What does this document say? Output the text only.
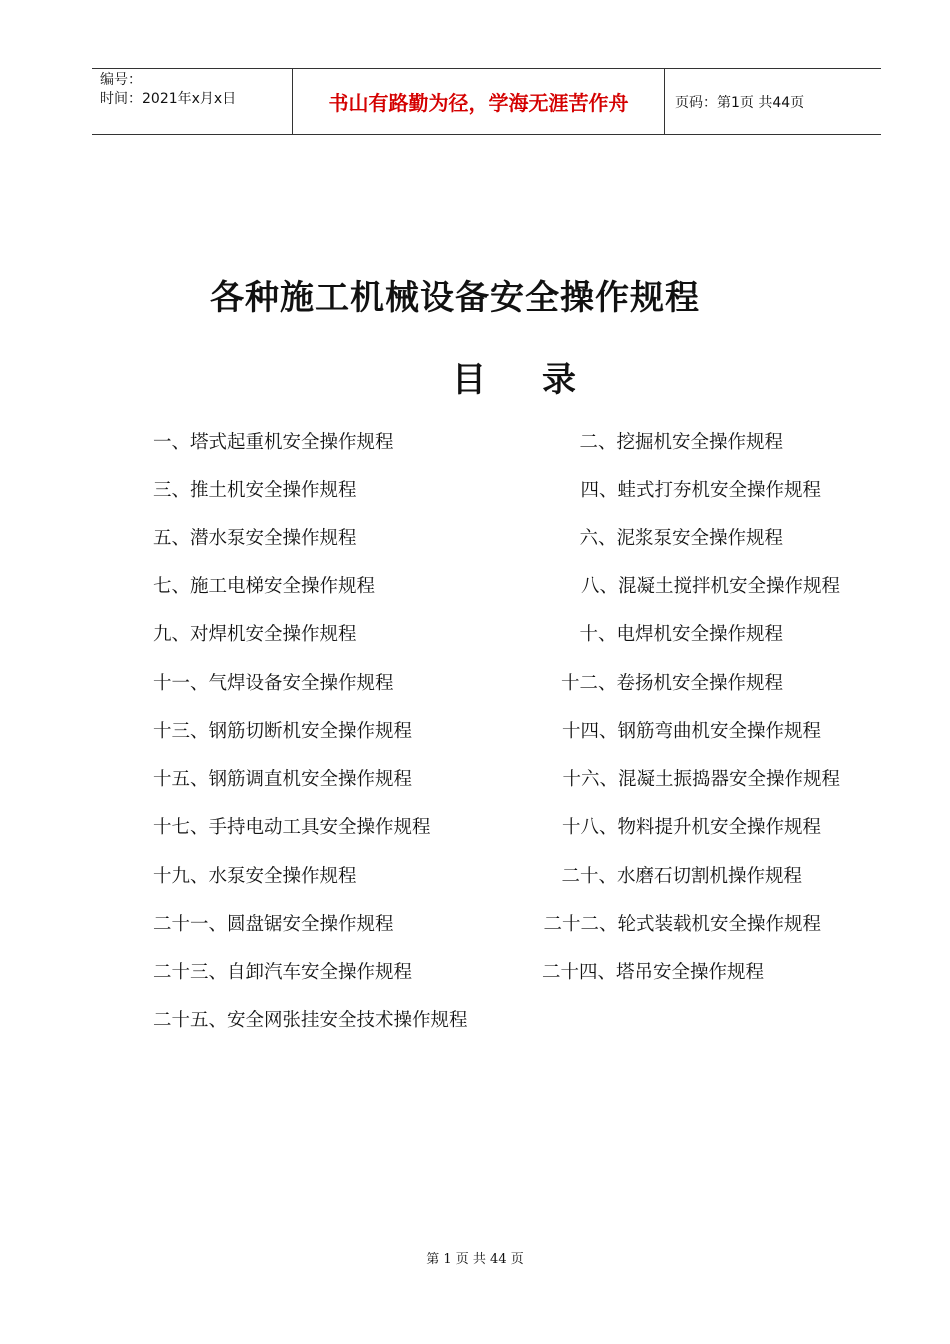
编号：
时间：2021年x月x日	书山有路勤为径，学海无涯苦作舟	页码：第1页 共44页
各种施工机械设备安全操作规程
目 录
一、塔式起重机安全操作规程	二、挖掘机安全操作规程
三、推土机安全操作规程	四、蛙式打夯机安全操作规程
五、潜水泵安全操作规程	六、泥浆泵安全操作规程
七、施工电梯安全操作规程	八、混凝土搅拌机安全操作规程
九、对焊机安全操作规程	十、电焊机安全操作规程
十一、气焊设备安全操作规程	十二、卷扬机安全操作规程
十三、钢筋切断机安全操作规程	十四、钢筋弯曲机安全操作规程
十五、钢筋调直机安全操作规程	十六、混凝土振捣器安全操作规程
十七、手持电动工具安全操作规程	十八、物料提升机安全操作规程
十九、水泵安全操作规程	二十、水磨石切割机操作规程
二十一、圆盘锯安全操作规程	二十二、轮式装载机安全操作规程
二十三、自卸汽车安全操作规程	二十四、塔吊安全操作规程
二十五、安全网张挂安全技术操作规程
第 1 页 共 44 页
